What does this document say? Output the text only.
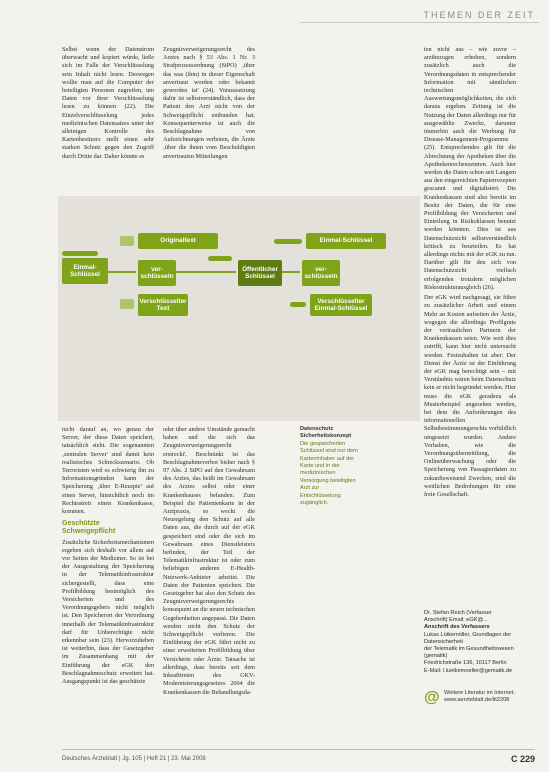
THEMEN DER ZEIT

Selbst wenn der Datenstrom überwacht und kopiert würde, ließe sich im Falle der Verschlüsselung sein Inhalt nicht lesen. Deswegen wollte man auf die Computer der beteiligten Personen zugreifen, um Daten vor ihrer Verschlüsselung lesen zu können (22). Die Einzelverschlüsselung jedes medizinischen Datensatzes unter der alleinigen Kontrolle des Kartenbesitzers stellt einen sehr starken Schutz gegen den Zugriff durch Dritte dar. Daher könnte es

Zeugnisverweigerungsrecht des Arztes nach § 53 Abs. 1 Nr. 3 Strafprozessordnung (StPO) ‚über das was (ihm) in dieser Eigenschaft anvertraut worden oder bekannt geworden ist' (24). Voraussetzung dafür ist selbstverständlich, dass der Patient den Arzt nicht von der Schweigepflicht entbunden hat. Konsequenterweise ist auch die Beschlagnahme von Aufzeichnungen verboten, die Ärzte ‚über die ihnen vom Beschuldigten anvertrauten Mitteilungen

ten nicht aus – wie zuvor – arztbezogen erhoben, sondern zusätzlich auch die Verordnungsdaten in entsprechender Information mit sämtlichen technischen Auswertungsmöglichkeiten, die sich daraus ergeben. Zeitung ist die Nutzung der Daten allerdings nur für ausgewählte Zwecke, darunter immerhin auch die Werbung für Disease-Management-Programme (25). Entsprechendes gilt für die Abrechnung der Apotheken über die Apothekenrechenzentren. Auch hier werden die Daten schon seit Langem aus den eingereichten Papierrezepten gescannt und digitalisiert. Die Krankenkassen sind also bereits im Besitz der Daten, die für eine Profilbildung der Versicherten und Einteilung in Risikoklassen benutzt werden könnten. Dies ist aus Datenschutzsicht selbstverständlich kritisch zu beurteilen. Es hat allerdings nichts mit der eGK zu tun. Darüber gilt für den sich von Datenschutzsicht vielfach erfolgenden trotzdem möglichen Riskostrukturausgleich (26).

Der eGK wird nachgesagt, sie führe zu zusätzlicher Arbeit und einem Mehr an Kosten aufseiten der Ärzte, wogegen die allerdings Profilgrate der vertraulichen Partnern der Krankenkassen seien. Wie weit dies zutrifft, kann hier nicht untersucht werden. Festzuhalten ist aber: Der Dienst der Ärzte ist der Einführung der eGK mag berechtigt sein – mit Verständnis wären beim Datenschutz kein er nicht begründet werden. Hier muss die eGK geradezu als Musterbeispiel angesehen werden, bei dem die Anforderungen des informationellen Selbstbestimmungsrechts vorbildlich umgesetzt wurden. Andere Vorhaben, wie die Verordnungsübermittlung, die Onlineüberwachung oder die Speicherung von Passagierdaten zu zukunftsweisend Zwecken, sind die weitlichen Bedrohungen für eine freie Gesellschaft.

Originaltext	Einmal-Schlüssel
Einmal-Schlüssel
ver-schlüsseln
Öffentlicher Schlüssel
ver-schlüsseln
Verschlüsselter Text
Verschlüsselter Einmal-Schlüssel

nicht darauf an, wo genau der Server, der diese Daten speichert, tatsächlich steht. Die sogenannten ‚zentralen Server' sind damit kein realistisches Schreckszenario. Ob Terroristen wird es schwierig ihn zu Informationsgründen kann der Speicherung ‚über E-Rezepte' auf einen Server, hinsichtlich noch im Rechtsstreit einen Krankenkasse, kommen.

Geschützte Schweigepflicht

Zusätzliche Sicherheitsmechanismen ergeben sich deshalb vor allem auf vor Seiten der Mediziner. So ist bei der Ausgestaltung der Speicherung in der Telematikinfrastruktur sichergestellt, dass eine Profilbildung bestmöglich des Versicherten und des Verordnungsgebers nicht möglich ist. Den Speicherort der Verordnung innerhalb der Telematikinfrastruktur darf für Unberechtigte nicht erkennbar sein (23). Hervorzuheben ist weiterhin, dass der Gesetzgeber im Zusammenhang mit der Einführung der eGK den Beschlagnahmeschutz erweitert hat. Ausgangspunkt ist das geschützte

oder über andere Umstände gemacht haben und die sich das Zeugnisverweigerungsrecht erstreckt'. Beschränkt ist das Beschlagnahmeverbot bisher nach § 97 Abs. 2 StPO auf den Gewahrsam des Arztes, das heißt im Gewahrsam des Arztes selbst oder einer Krankenhauses befanden. Zum Beispiel die Patientenkarte in der Arztpraxis, so weckt die Neuregelung den Schutz auf alle Daten aus, die durch auf der eGK gespeichert sind oder die sich im Gewahrsam eines Dienstleisters befinden, der Teil der Telematikinfrastruktur ist oder zum beliebigen anderen E-Health-Netzwerk-Anbieter arbeitet. Die Daten der Patienten speichert. Die Gesetzgeber hat also den Schutz des Zeugnisverweigerungsrechts konsequent an die neuen technischen Gegebenheiten angepasst. Die Daten werden nicht den Schutz der Schweigepflicht verlieren. Die Einführung der eGK führt nicht zu einer erweiterten Profilbildung über Versicherte oder Ärzte. Tatsache ist allerdings, dass bereits seit dem Inkrafttreten des GKV-Modernisierungsgesetzes 2004 die Krankenkassen die Behandlungsda-

Datenschutz Sicherheitskonzept
Die gespeicherten Schlüssel sind nur dem Karteninhaber auf der Karte und in der medizinischen Versorgung beteiligten Arzt zur Entschlüsselung zugänglich.
Dr. Stefan Reich (Verfasser Anschrift) Email: eGK@...
Anschrift des Verfassers
Lukas Lütkemöller, Grundlagen der Datensicherheit
der Telematik im Gesundheitswesen (gematik)
Friedrichstraße 136, 10117 Berlin
E-Mail: l.luetkemoeller@gematik.de
@ Weitere Literatur im Internet:
www.aerzteblatt.de/lit2208
Deutsches Ärzteblatt | Jg. 105 | Heft 21 | 23. Mai 2008	C 229
